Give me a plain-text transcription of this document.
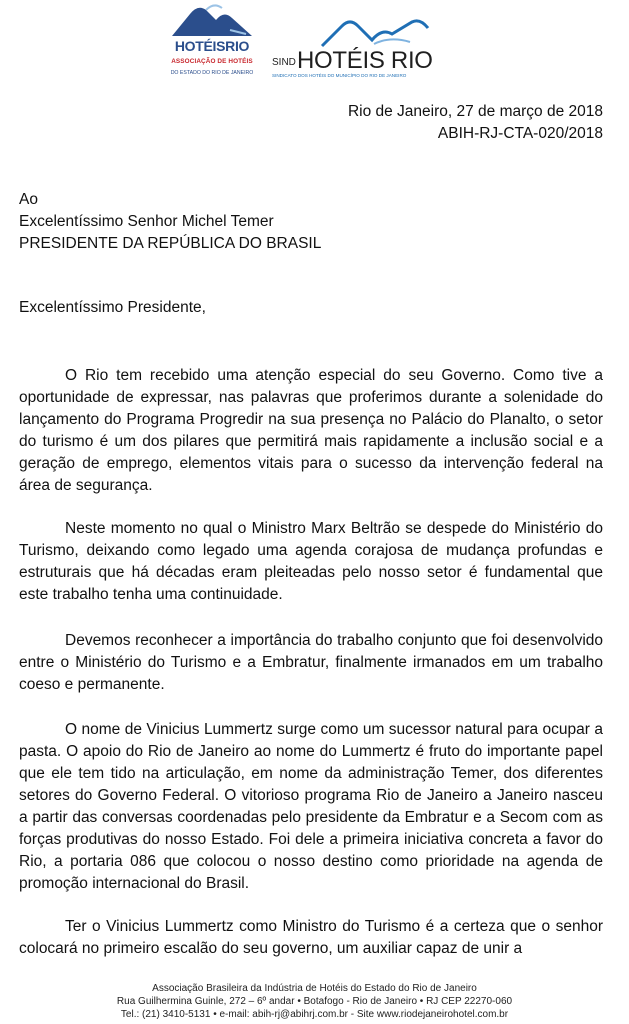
HOTÉISRIO
ASSOCIAÇÃO DE HOTÉIS
DO ESTADO DO RIO DE JANEIRO
SIND HOTÉIS RIO
SINDICATO DOS HOTÉIS DO MUNICÍPIO DO RIO DE JANEIRO
Rio de Janeiro, 27 de março de 2018
ABIH-RJ-CTA-020/2018
Ao
Excelentíssimo Senhor Michel Temer
PRESIDENTE DA REPÚBLICA DO BRASIL
Excelentíssimo Presidente,

O Rio tem recebido uma atenção especial do seu Governo. Como tive a oportunidade de expressar, nas palavras que proferimos durante a solenidade do lançamento do Programa Progredir na sua presença no Palácio do Planalto, o setor do turismo é um dos pilares que permitirá mais rapidamente a inclusão social e a geração de emprego, elementos vitais para o sucesso da intervenção federal na área de segurança.

Neste momento no qual o Ministro Marx Beltrão se despede do Ministério do Turismo, deixando como legado uma agenda corajosa de mudança profundas e estruturais que há décadas eram pleiteadas pelo nosso setor é fundamental que este trabalho tenha uma continuidade.

Devemos reconhecer a importância do trabalho conjunto que foi desenvolvido entre o Ministério do Turismo e a Embratur, finalmente irmanados em um trabalho coeso e permanente.

O nome de Vinicius Lummertz surge como um sucessor natural para ocupar a pasta. O apoio do Rio de Janeiro ao nome do Lummertz é fruto do importante papel que ele tem tido na articulação, em nome da administração Temer, dos diferentes setores do Governo Federal. O vitorioso programa Rio de Janeiro a Janeiro nasceu a partir das conversas coordenadas pelo presidente da Embratur e a Secom com as forças produtivas do nosso Estado. Foi dele a primeira iniciativa concreta a favor do Rio, a portaria 086 que colocou o nosso destino como prioridade na agenda de promoção internacional do Brasil.

Ter o Vinicius Lummertz como Ministro do Turismo é a certeza que o senhor colocará no primeiro escalão do seu governo, um auxiliar capaz de unir a

Associação Brasileira da Indústria de Hotéis do Estado do Rio de Janeiro
Rua Guilhermina Guinle, 272 – 6º andar • Botafogo - Rio de Janeiro • RJ CEP 22270-060
Tel.: (21) 3410-5131 • e-mail: abih-rj@abihrj.com.br - Site www.riodejaneirohotel.com.br
